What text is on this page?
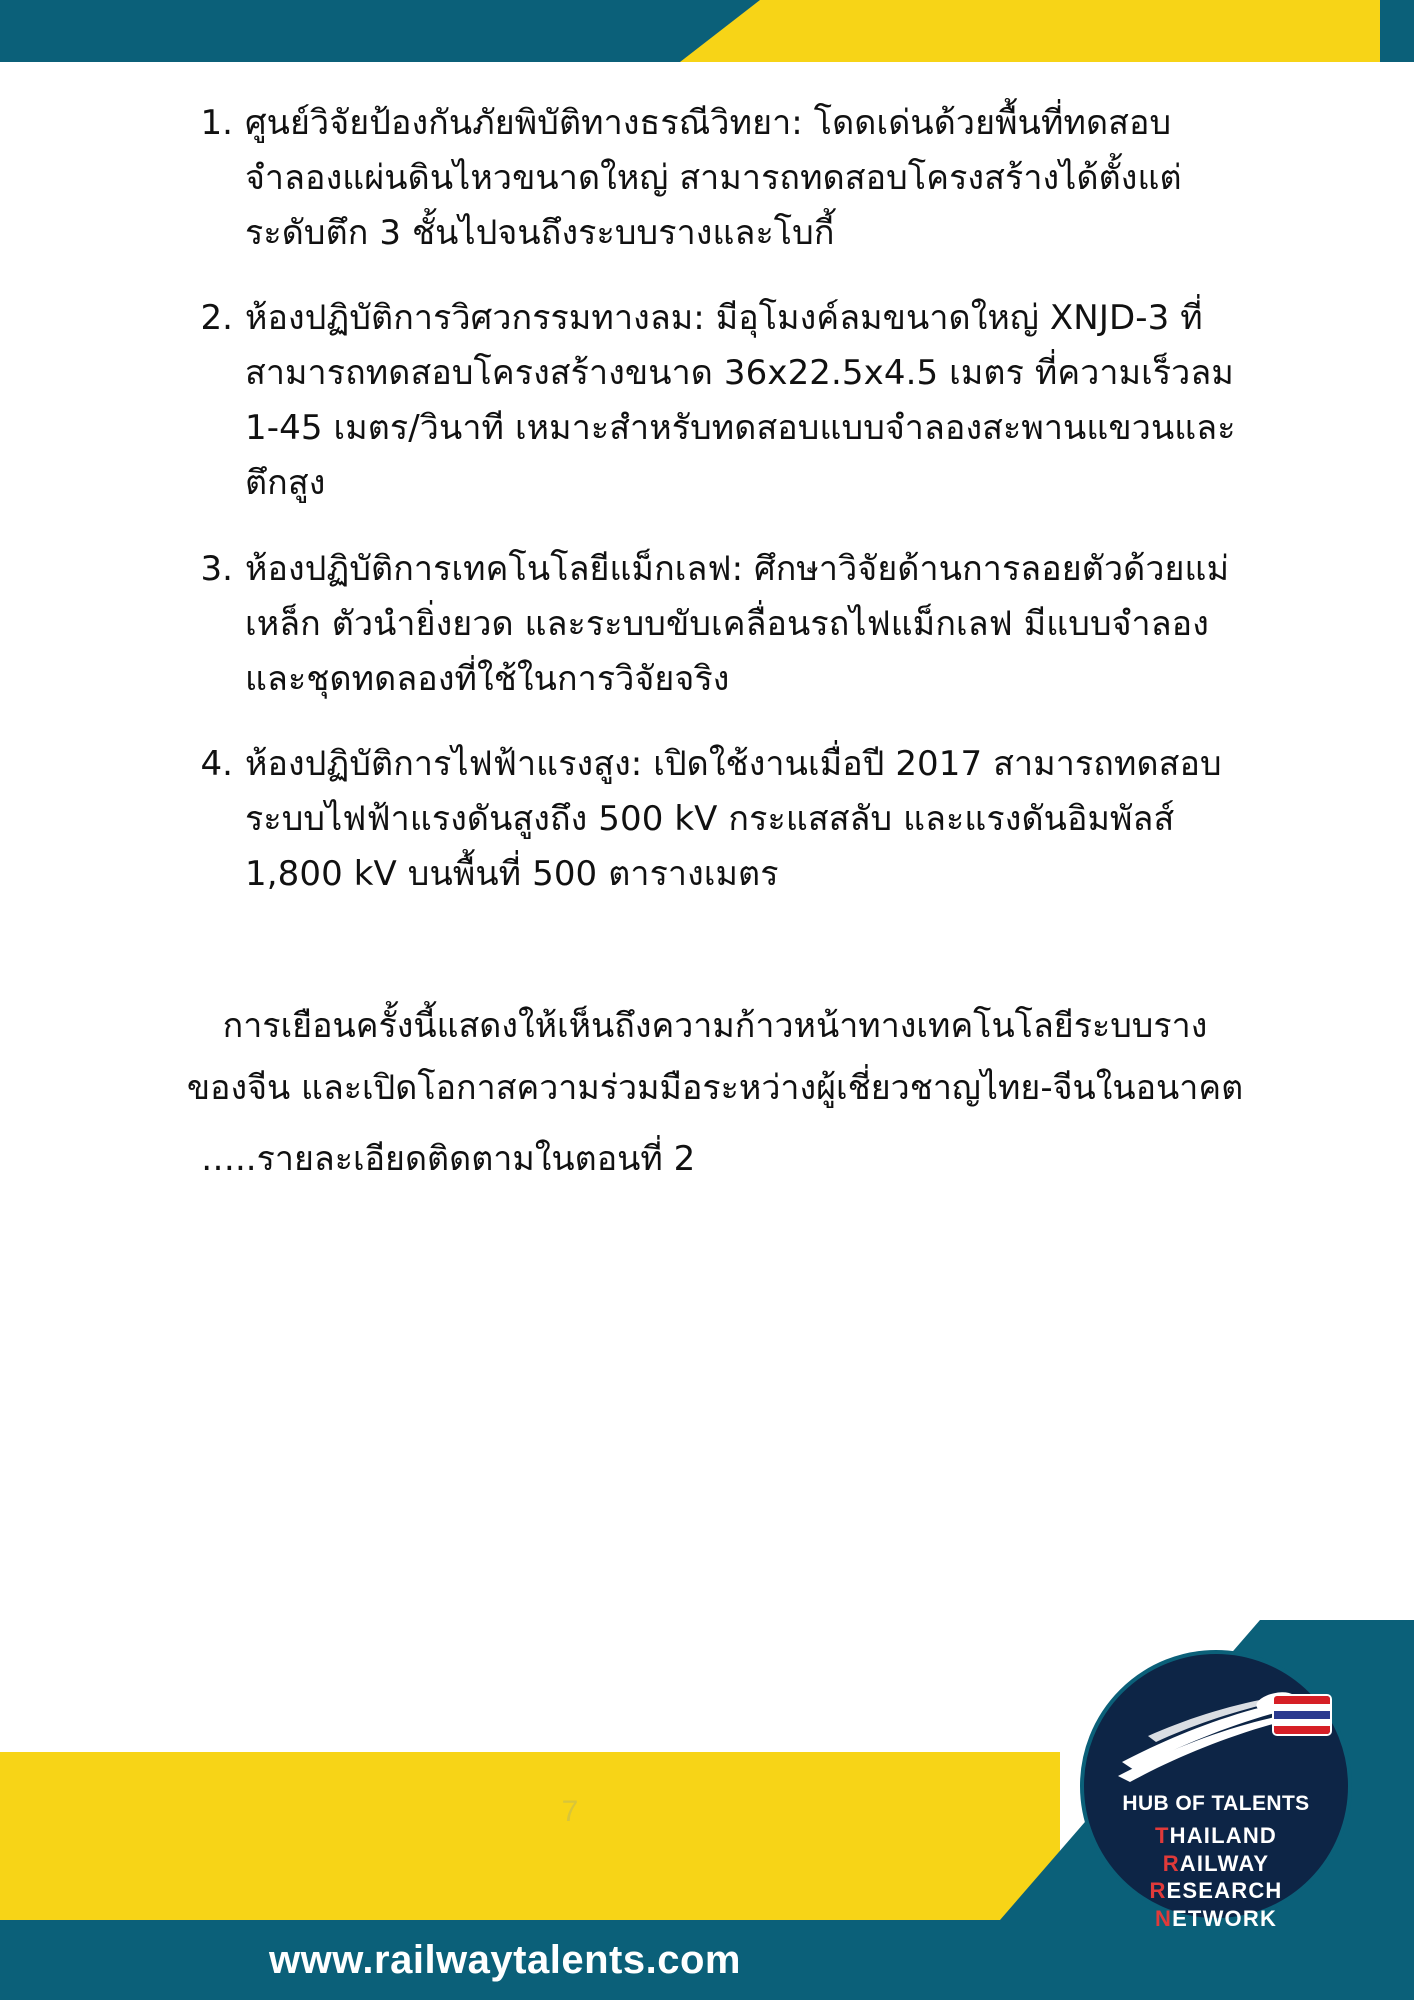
1. ศูนย์วิจัยป้องกันภัยพิบัติทางธรณีวิทยา: โดดเด่นด้วยพื้นที่ทดสอบจำลองแผ่นดินไหวขนาดใหญ่ สามารถทดสอบโครงสร้างได้ตั้งแต่ระดับตึก 3 ชั้นไปจนถึงระบบรางและโบกี้
2. ห้องปฏิบัติการวิศวกรรมทางลม: มีอุโมงค์ลมขนาดใหญ่ XNJD-3 ที่สามารถทดสอบโครงสร้างขนาด 36x22.5x4.5 เมตร ที่ความเร็วลม 1-45 เมตร/วินาที เหมาะสำหรับทดสอบแบบจำลองสะพานแขวนและตึกสูง
3. ห้องปฏิบัติการเทคโนโลยีแม็กเลฟ: ศึกษาวิจัยด้านการลอยตัวด้วยแม่เหล็ก ตัวนำยิ่งยวด และระบบขับเคลื่อนรถไฟแม็กเลฟ มีแบบจำลองและชุดทดลองที่ใช้ในการวิจัยจริง
4. ห้องปฏิบัติการไฟฟ้าแรงสูง: เปิดใช้งานเมื่อปี 2017 สามารถทดสอบระบบไฟฟ้าแรงดันสูงถึง 500 kV กระแสสลับ และแรงดันอิมพัลส์ 1,800 kV บนพื้นที่ 500 ตารางเมตร

การเยือนครั้งนี้แสดงให้เห็นถึงความก้าวหน้าทางเทคโนโลยีระบบราง

ของจีน และเปิดโอกาสความร่วมมือระหว่างผู้เชี่ยวชาญไทย-จีนในอนาคต

…..รายละเอียดติดตามในตอนที่ 2

7
www.railwaytalents.com
HUB OF TALENTS
THAILAND
RAILWAY
RESEARCH
NETWORK
